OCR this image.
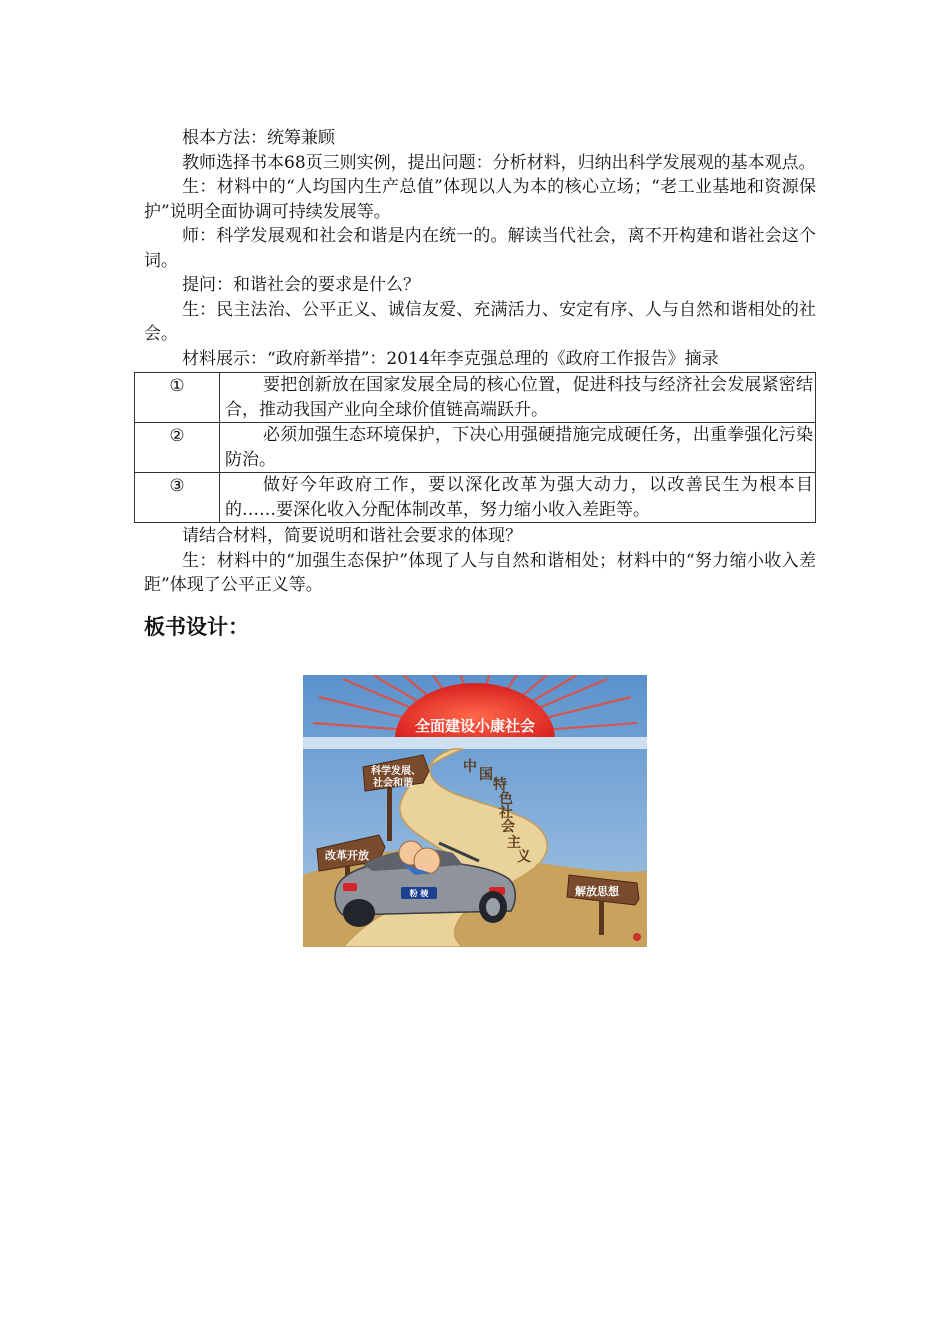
根本方法：统筹兼顾

教师选择书本68页三则实例，提出问题：分析材料，归纳出科学发展观的基本观点。

生：材料中的“人均国内生产总值”体现以人为本的核心立场；“老工业基地和资源保护”说明全面协调可持续发展等。

师：科学发展观和社会和谐是内在统一的。解读当代社会，离不开构建和谐社会这个词。

提问：和谐社会的要求是什么？

生：民主法治、公平正义、诚信友爱、充满活力、安定有序、人与自然和谐相处的社会。

材料展示：“政府新举措”：2014年李克强总理的《政府工作报告》摘录

①	要把创新放在国家发展全局的核心位置，促进科技与经济社会发展紧密结合，推动我国产业向全球价值链高端跃升。
②	必须加强生态环境保护，下决心用强硬措施完成硬任务，出重拳强化污染防治。
③	做好今年政府工作，要以深化改革为强大动力，以改善民生为根本目的……要深化收入分配体制改革，努力缩小收入差距等。

请结合材料，简要说明和谐社会要求的体现？

生：材料中的“加强生态保护”体现了人与自然和谐相处；材料中的“努力缩小收入差距”体现了公平正义等。

板书设计：
全面建设小康社会
中 国
特
色
社
会
主
义
科学发展、
社会和谐
改革开放
解放思想
粉 棱
